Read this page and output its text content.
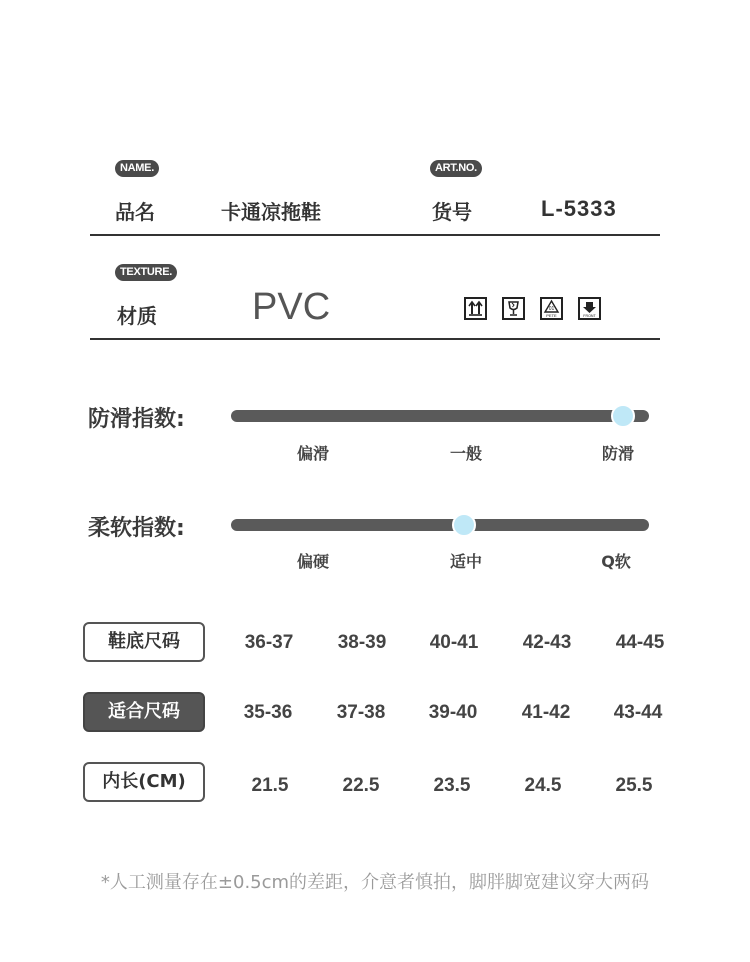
NAME.
品名	卡通凉拖鞋
ART.NO.
货号	L-5333
TEXTURE.
材质	PVC	01
PETE	FRONT
防滑指数:
偏滑	一般	防滑
柔软指数:
偏硬	适中	Q软
鞋底尺码	36-37 38-39 40-41 42-43 44-45
适合尺码	35-36 37-38 39-40 41-42 43-44
内长(CM)	21.5	22.5	23.5	24.5	25.5
*人工测量存在±0.5cm的差距，介意者慎拍，脚胖脚宽建议穿大两码
